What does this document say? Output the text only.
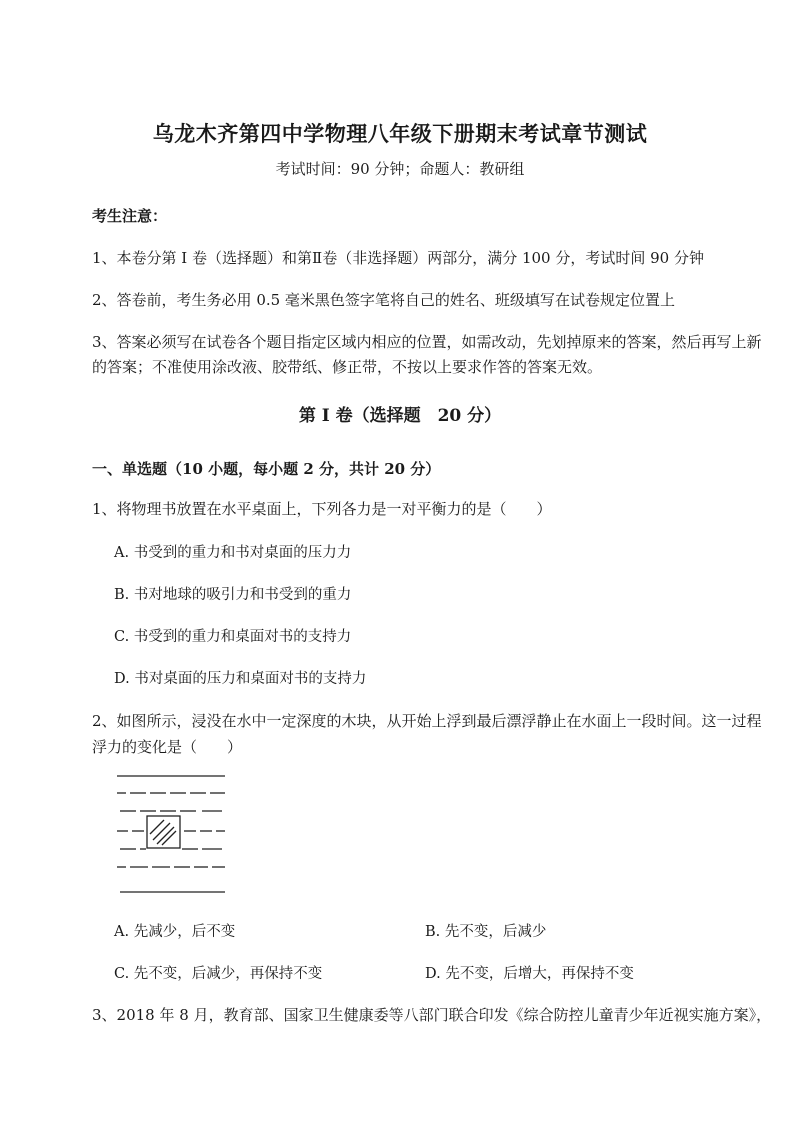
乌龙木齐第四中学物理八年级下册期末考试章节测试
考试时间：90 分钟；命题人：教研组
考生注意：
1、本卷分第 I 卷（选择题）和第Ⅱ卷（非选择题）两部分，满分 100 分，考试时间 90 分钟
2、答卷前，考生务必用 0.5 毫米黑色签字笔将自己的姓名、班级填写在试卷规定位置上
3、答案必须写在试卷各个题目指定区域内相应的位置，如需改动，先划掉原来的答案，然后再写上新
的答案；不准使用涂改液、胶带纸、修正带，不按以上要求作答的答案无效。
第 I 卷（选择题　20 分）
一、单选题（10 小题，每小题 2 分，共计 20 分）
1、将物理书放置在水平桌面上，下列各力是一对平衡力的是（　　）
A. 书受到的重力和书对桌面的压力力
B. 书对地球的吸引力和书受到的重力
C. 书受到的重力和桌面对书的支持力
D. 书对桌面的压力和桌面对书的支持力
2、如图所示，浸没在水中一定深度的木块，从开始上浮到最后漂浮静止在水面上一段时间。这一过程
浮力的变化是（　　）
A. 先减少，后不变	B. 先不变，后减少
C. 先不变，后减少，再保持不变	D. 先不变，后增大，再保持不变
3、2018 年 8 月，教育部、国家卫生健康委等八部门联合印发《综合防控儿童青少年近视实施方案》，
